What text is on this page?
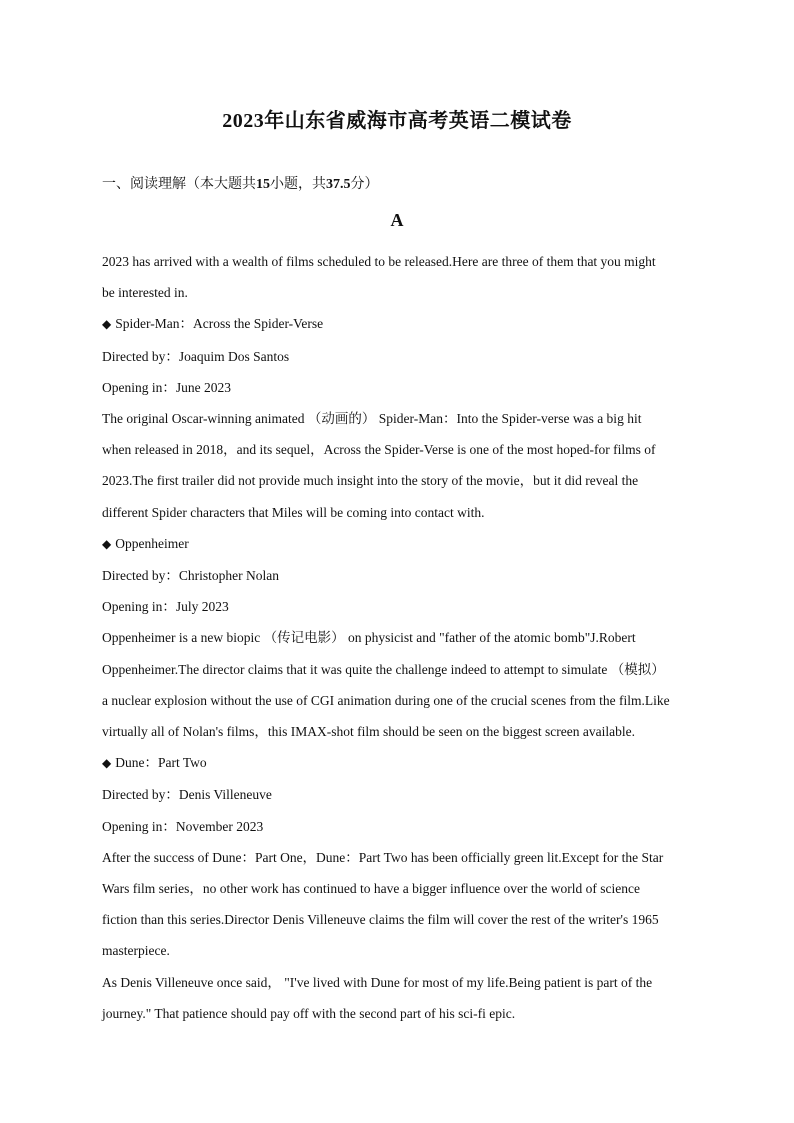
2023年山东省威海市高考英语二模试卷
一、阅读理解（本大题共15小题，共37.5分）
A

2023 has arrived with a wealth of films scheduled to be released.Here are three of them that you might

be interested in.

◆ Spider-Man：Across the Spider-Verse

Directed by：Joaquim Dos Santos

Opening in：June 2023

The original Oscar-winning animated （动画的） Spider-Man：Into the Spider-verse was a big hit

when released in 2018，and its sequel，Across the Spider-Verse is one of the most hoped-for films of

2023.The first trailer did not provide much insight into the story of the movie，but it did reveal the

different Spider characters that Miles will be coming into contact with.

◆ Oppenheimer

Directed by：Christopher Nolan

Opening in：July 2023

Oppenheimer is a new biopic （传记电影） on physicist and "father of the atomic bomb"J.Robert

Oppenheimer.The director claims that it was quite the challenge indeed to attempt to simulate （模拟）

a nuclear explosion without the use of CGI animation during one of the crucial scenes from the film.Like

virtually all of Nolan's films，this IMAX-shot film should be seen on the biggest screen available.

◆ Dune：Part Two

Directed by：Denis Villeneuve

Opening in：November 2023

After the success of Dune：Part One，Dune：Part Two has been officially green lit.Except for the Star

Wars film series，no other work has continued to have a bigger influence over the world of science

fiction than this series.Director Denis Villeneuve claims the film will cover the rest of the writer's 1965

masterpiece.

As Denis Villeneuve once said， "I've lived with Dune for most of my life.Being patient is part of the

journey." That patience should pay off with the second part of his sci-fi epic.
